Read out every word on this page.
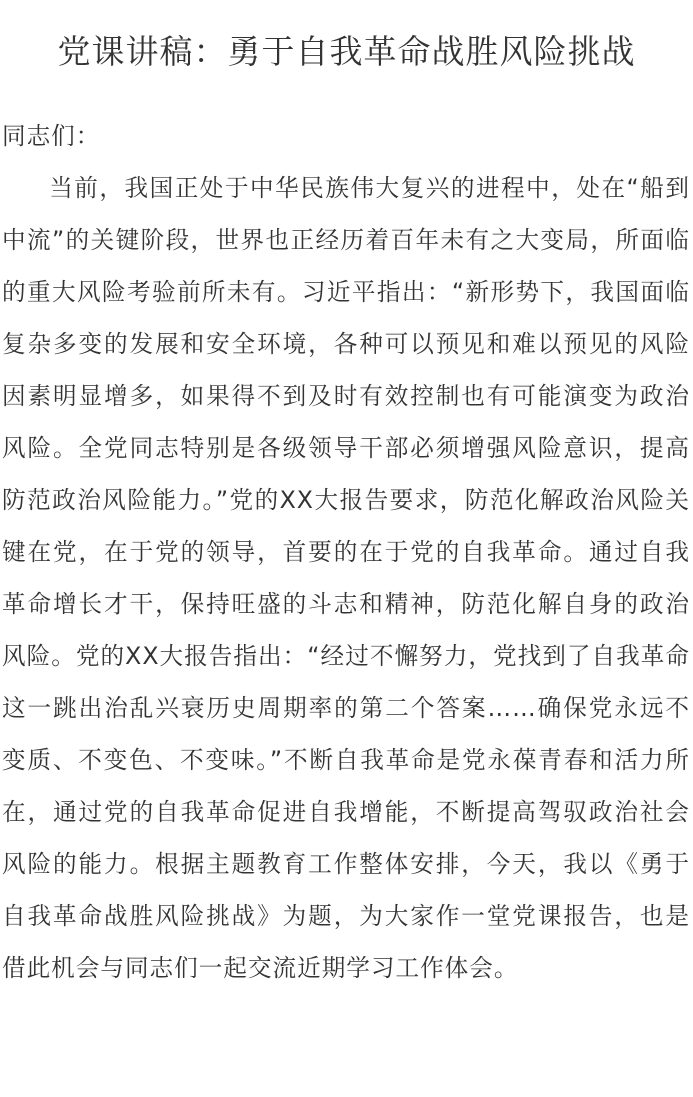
党课讲稿：勇于自我革命战胜风险挑战

同志们：

当前，我国正处于中华民族伟大复兴的进程中，处在“船到中流”的关键阶段，世界也正经历着百年未有之大变局，所面临的重大风险考验前所未有。习近平指出：“新形势下，我国面临复杂多变的发展和安全环境，各种可以预见和难以预见的风险因素明显增多，如果得不到及时有效控制也有可能演变为政治风险。全党同志特别是各级领导干部必须增强风险意识，提高防范政治风险能力。”党的XX大报告要求，防范化解政治风险关键在党，在于党的领导，首要的在于党的自我革命。通过自我革命增长才干，保持旺盛的斗志和精神，防范化解自身的政治风险。党的XX大报告指出：“经过不懈努力，党找到了自我革命这一跳出治乱兴衰历史周期率的第二个答案……确保党永远不变质、不变色、不变味。”不断自我革命是党永葆青春和活力所在，通过党的自我革命促进自我增能，不断提高驾驭政治社会风险的能力。根据主题教育工作整体安排，今天，我以《勇于自我革命战胜风险挑战》为题，为大家作一堂党课报告，也是借此机会与同志们一起交流近期学习工作体会。
